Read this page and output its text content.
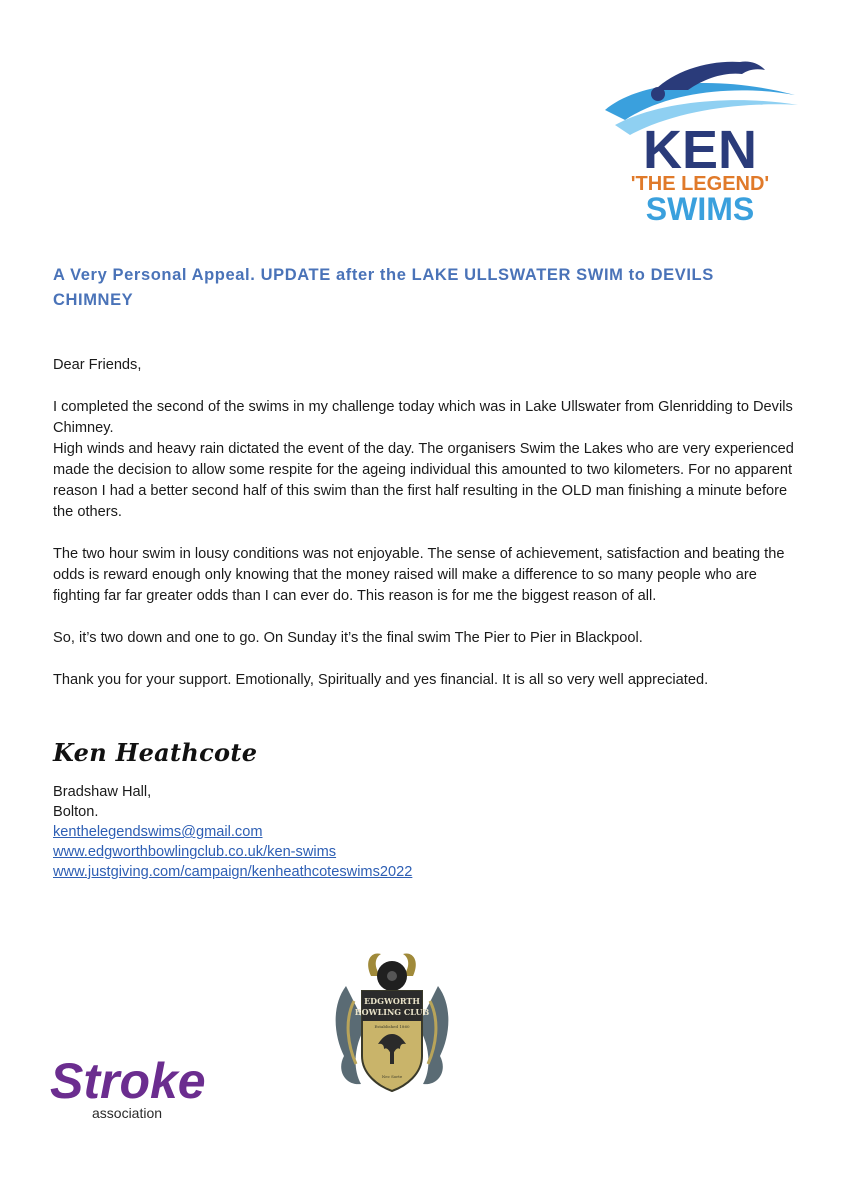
KEN
'THE LEGEND'
SWIMS
A Very Personal Appeal. UPDATE after the LAKE ULLSWATER SWIM to DEVILS CHIMNEY

Dear Friends,

I completed the second of the swims in my challenge today which was in Lake Ullswater from Glenridding to Devils Chimney.

High winds and heavy rain dictated the event of the day. The organisers Swim the Lakes who are very experienced made the decision to allow some respite for the ageing individual this amounted to two kilometers. For no apparent reason I had a better second half of this swim than the first half resulting in the OLD man finishing a minute before the others.

The two hour swim in lousy conditions was not enjoyable. The sense of achievement, satisfaction and beating the odds is reward enough only knowing that the money raised will make a difference to so many people who are fighting far far greater odds than I can ever do. This reason is for me the biggest reason of all.

So, it’s two down and one to go. On Sunday it’s the final swim The Pier to Pier in Blackpool.

Thank you for your support. Emotionally, Spiritually and yes financial. It is all so very well appreciated.

Ken Heathcote
Bradshaw Hall,
Bolton.
kenthelegendswims@gmail.com
www.edgworthbowlingclub.co.uk/ken-swims
www.justgiving.com/campaign/kenheathcoteswims2022
EDGWORTH
BOWLING CLUB
Established 1860
Nec Sorte
Stroke
association
